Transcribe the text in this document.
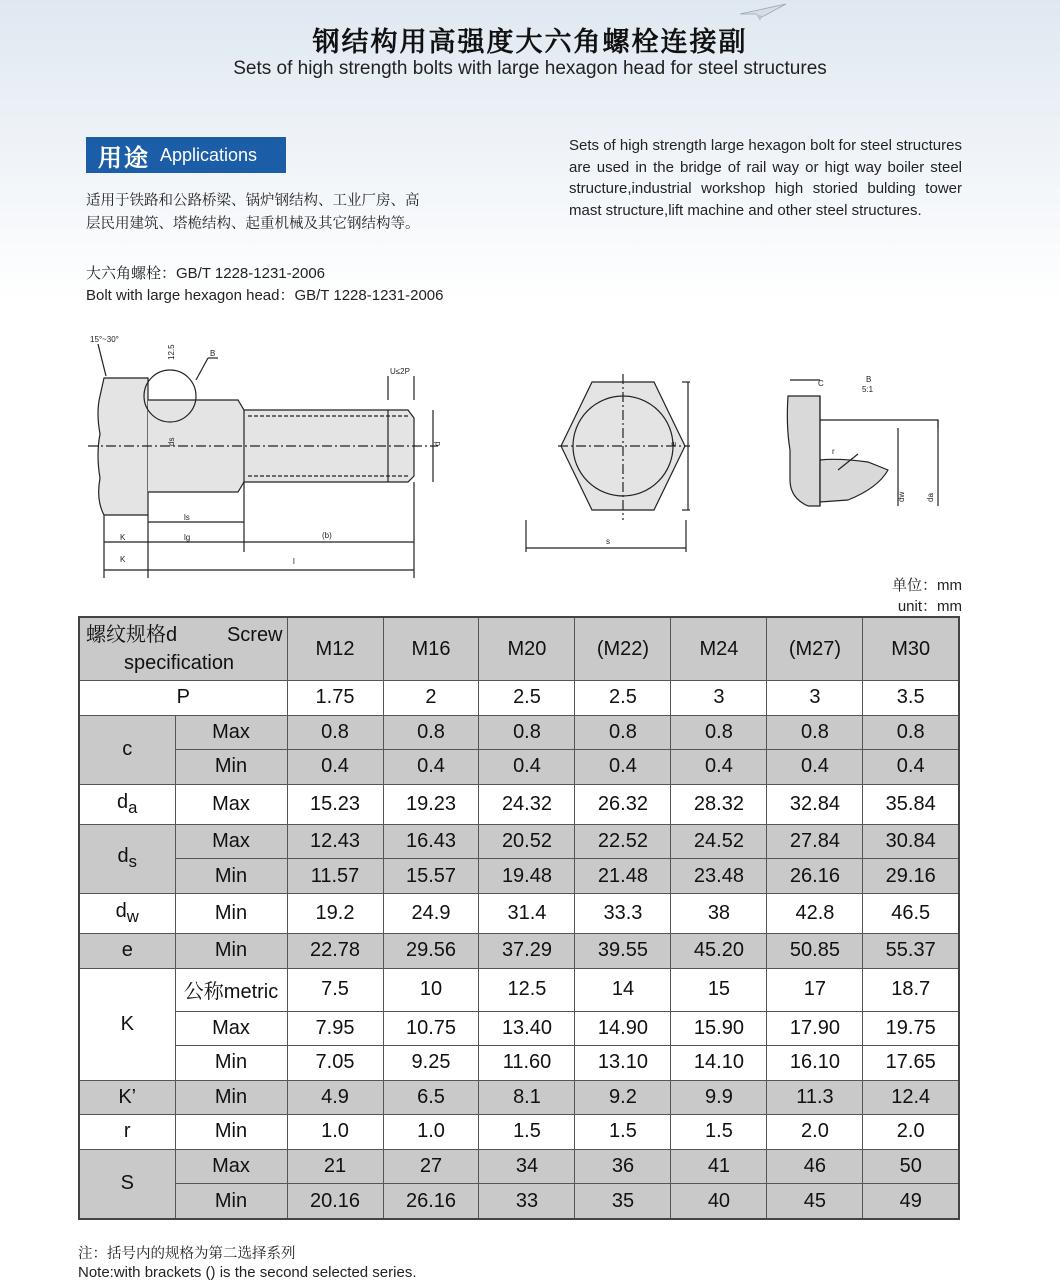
钢结构用高强度大六角螺栓连接副
Sets of high strength bolts with large hexagon head for steel structures
用途 Applications
适用于铁路和公路桥梁、锅炉钢结构、工业厂房、高
层民用建筑、塔桅结构、起重机械及其它钢结构等。
Sets of high strength large hexagon bolt for steel structures are used in the bridge of rail way or higt way boiler steel structure,industrial workshop high storied bulding tower mast structure,lift machine and other steel structures.
大六角螺栓：GB/T 1228-1231-2006
Bolt with large hexagon head：GB/T 1228-1231-2006
15°~30°
12.5	B
U≤2P
ds	d
ls
lg	(b)
K
K	l
e
s
C	B
5:1
r
dw	da
单位：mm
unit：mm
螺纹规格d Screw
specification		M12	M16	M20	(M22)	M24	(M27)	M30
P		1.75	2	2.5	2.5	3	3	3.5
c	Max	0.8	0.8	0.8	0.8	0.8	0.8	0.8
	Min	0.4	0.4	0.4	0.4	0.4	0.4	0.4
$d_a$	Max	15.23	19.23	24.32	26.32	28.32	32.84	35.84
$d_s$	Max	12.43	16.43	20.52	22.52	24.52	27.84	30.84
	Min	11.57	15.57	19.48	21.48	23.48	26.16	29.16
$d_w$	Min	19.2	24.9	31.4	33.3	38	42.8	46.5
e	Min	22.78	29.56	37.29	39.55	45.20	50.85	55.37
K	公称metric	7.5	10	12.5	14	15	17	18.7
	Max	7.95	10.75	13.40	14.90	15.90	17.90	19.75
	Min	7.05	9.25	11.60	13.10	14.10	16.10	17.65
K’	Min	4.9	6.5	8.1	9.2	9.9	11.3	12.4
r	Min	1.0	1.0	1.5	1.5	1.5	2.0	2.0
S	Max	21	27	34	36	41	46	50
	Min	20.16	26.16	33	35	40	45	49
注：括号内的规格为第二选择系列
Note:with brackets () is the second selected series.
